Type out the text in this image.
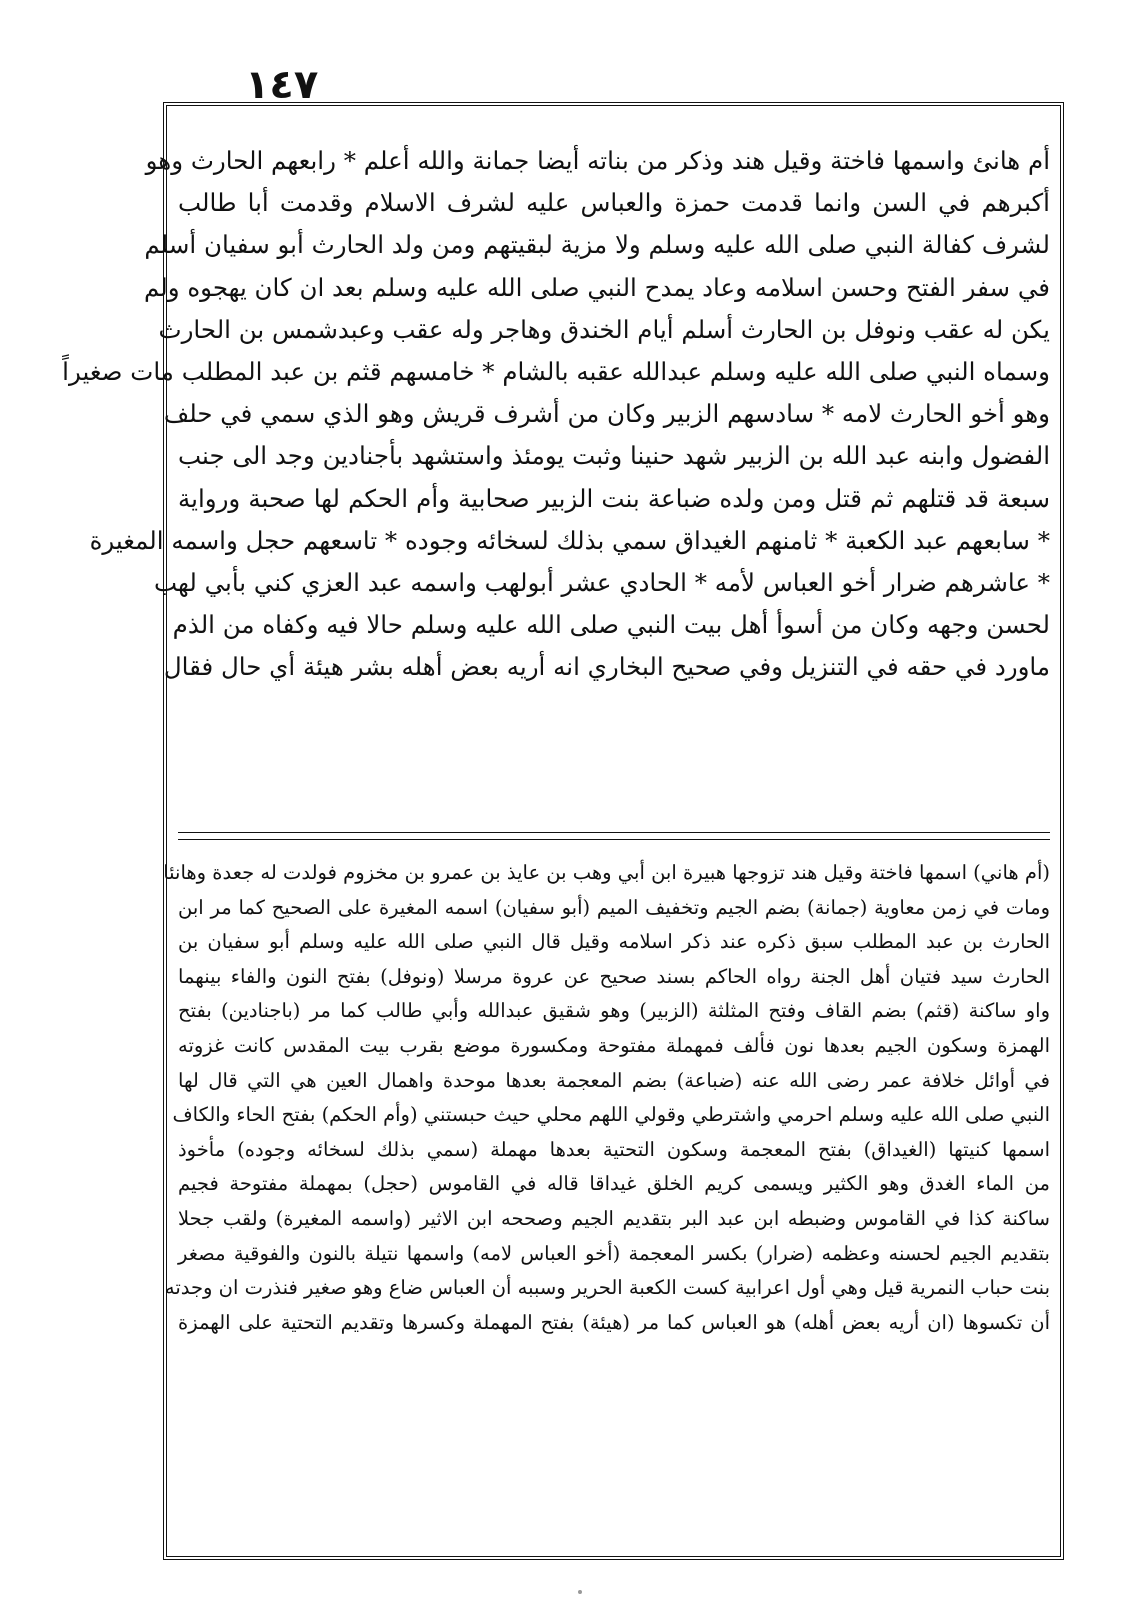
١٤٧
أم هانئ واسمها فاختة وقيل هند وذكر من بناته أيضا جمانة والله أعلم * رابعهم الحارث وهو
أكبرهم في السن وانما قدمت حمزة والعباس عليه لشرف الاسلام وقدمت أبا طالب
لشرف كفالة النبي صلى الله عليه وسلم ولا مزية لبقيتهم ومن ولد الحارث أبو سفيان أسلم
في سفر الفتح وحسن اسلامه وعاد يمدح النبي صلى الله عليه وسلم بعد ان كان يهجوه ولم
يكن له عقب ونوفل بن الحارث أسلم أيام الخندق وهاجر وله عقب وعبدشمس بن الحارث
وسماه النبي صلى الله عليه وسلم عبدالله عقبه بالشام * خامسهم قثم بن عبد المطلب مات صغيراً
وهو أخو الحارث لامه * سادسهم الزبير وكان من أشرف قريش وهو الذي سمي في حلف
الفضول وابنه عبد الله بن الزبير شهد حنينا وثبت يومئذ واستشهد بأجنادين وجد الى جنب
سبعة قد قتلهم ثم قتل ومن ولده ضباعة بنت الزبير صحابية وأم الحكم لها صحبة ورواية
* سابعهم عبد الكعبة * ثامنهم الغيداق سمي بذلك لسخائه وجوده * تاسعهم حجل واسمه المغيرة
* عاشرهم ضرار أخو العباس لأمه * الحادي عشر أبولهب واسمه عبد العزي كني بأبي لهب
لحسن وجهه وكان من أسوأ أهل بيت النبي صلى الله عليه وسلم حالا فيه وكفاه من الذم
ماورد في حقه في التنزيل وفي صحيح البخاري انه أريه بعض أهله بشر هيئة أي حال فقال
(أم هاني) اسمها فاختة وقيل هند تزوجها هبيرة ابن أبي وهب بن عايذ بن عمرو بن مخزوم فولدت له جعدة وهانئا
ومات في زمن معاوية (جمانة) بضم الجيم وتخفيف الميم (أبو سفيان) اسمه المغيرة على الصحيح كما مر ابن
الحارث بن عبد المطلب سبق ذكره عند ذكر اسلامه وقيل قال النبي صلى الله عليه وسلم أبو سفيان بن
الحارث سيد فتيان أهل الجنة رواه الحاكم بسند صحيح عن عروة مرسلا (ونوفل) بفتح النون والفاء بينهما
واو ساكنة (قثم) بضم القاف وفتح المثلثة (الزبير) وهو شقيق عبدالله وأبي طالب كما مر (باجنادين) بفتح
الهمزة وسكون الجيم بعدها نون فألف فمهملة مفتوحة ومكسورة موضع بقرب بيت المقدس كانت غزوته
في أوائل خلافة عمر رضى الله عنه (ضباعة) بضم المعجمة بعدها موحدة واهمال العين هي التي قال لها
النبي صلى الله عليه وسلم احرمي واشترطي وقولي اللهم محلي حيث حبستني (وأم الحكم) بفتح الحاء والكاف
اسمها كنيتها (الغيداق) بفتح المعجمة وسكون التحتية بعدها مهملة (سمي بذلك لسخائه وجوده) مأخوذ
من الماء الغدق وهو الكثير ويسمى كريم الخلق غيداقا قاله في القاموس (حجل) بمهملة مفتوحة فجيم
ساكنة كذا في القاموس وضبطه ابن عبد البر بتقديم الجيم وصححه ابن الاثير (واسمه المغيرة) ولقب جحلا
بتقديم الجيم لحسنه وعظمه (ضرار) بكسر المعجمة (أخو العباس لامه) واسمها نتيلة بالنون والفوقية مصغر
بنت حباب النمرية قيل وهي أول اعرابية كست الكعبة الحرير وسببه أن العباس ضاع وهو صغير فنذرت ان وجدته
أن تكسوها (ان أريه بعض أهله) هو العباس كما مر (هيئة) بفتح المهملة وكسرها وتقديم التحتية على الهمزة
